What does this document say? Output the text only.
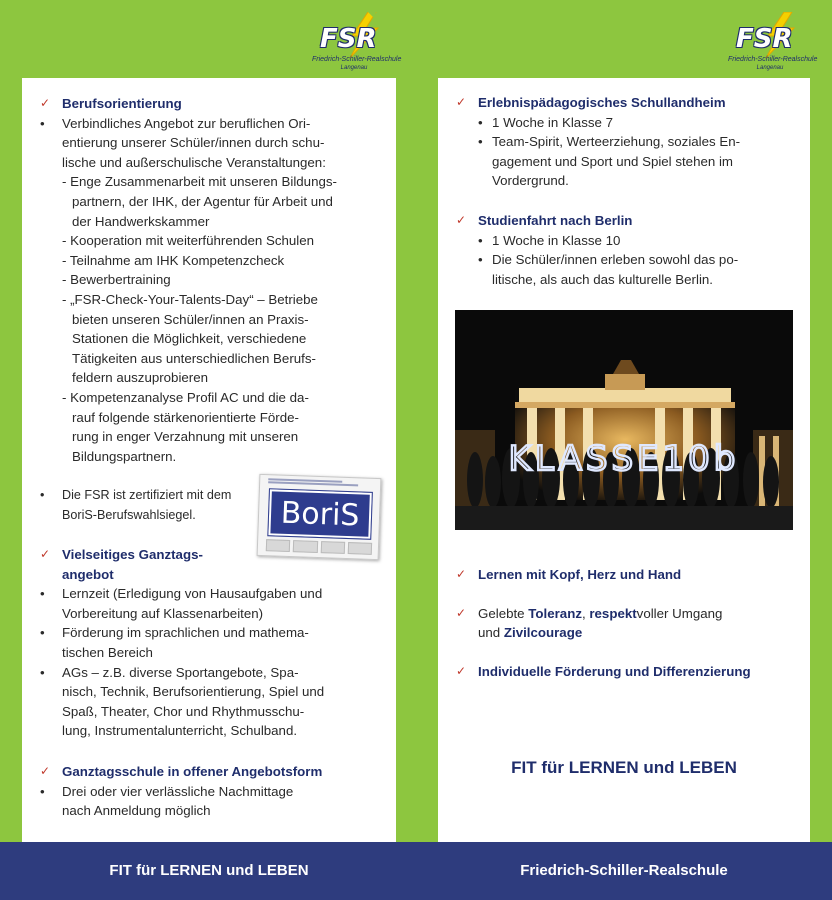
FSR
Friedrich-Schiller-Realschule
Langenau
FSR
Friedrich-Schiller-Realschule
Langenau
✓ Berufsorientierung
• Verbindliches Angebot zur beruflichen Ori-
entierung unserer Schüler/innen durch schu-
lische und außerschulische Veranstaltungen:
- Enge Zusammenarbeit mit unseren Bildungs-
partnern, der IHK, der Agentur für Arbeit und
der Handwerkskammer
- Kooperation mit weiterführenden Schulen
- Teilnahme am IHK Kompetenzcheck
- Bewerbertraining
- „FSR-Check-Your-Talents-Day“ – Betriebe
bieten unseren Schüler/innen an Praxis-
Stationen die Möglichkeit, verschiedene
Tätigkeiten aus unterschiedlichen Berufs-
feldern auszuprobieren
- Kompetenzanalyse Profil AC und die da-
rauf folgende stärkenorientierte Förde-
rung in enger Verzahnung mit unseren
Bildungspartnern.
• Die FSR ist zertifiziert mit dem
BoriS-Berufswahlsiegel.	BoriS
✓ Vielseitiges Ganztags-
angebot
• Lernzeit (Erledigung von Hausaufgaben und
Vorbereitung auf Klassenarbeiten)
• Förderung im sprachlichen und mathema-
tischen Bereich
• AGs – z.B. diverse Sportangebote, Spa-
nisch, Technik, Berufsorientierung, Spiel und
Spaß, Theater, Chor und Rhythmusschu-
lung, Instrumentalunterricht, Schulband.
✓ Ganztagsschule in offener Angebotsform
• Drei oder vier verlässliche Nachmittage
nach Anmeldung möglich
✓ Erlebnispädagogisches Schullandheim
• 1 Woche in Klasse 7
• Team-Spirit, Werteerziehung, soziales En-
gagement und Sport und Spiel stehen im
Vordergrund.
✓ Studienfahrt nach Berlin
• 1 Woche in Klasse 10
• Die Schüler/innen erleben sowohl das po-
litische, als auch das kulturelle Berlin.
✓ Lernen mit Kopf, Herz und Hand
✓ Gelebte Toleranz, respektvoller Umgang
und Zivilcourage
✓ Individuelle Förderung und Differenzierung
KLASSE10b
FIT für LERNEN und LEBEN
FIT für LERNEN und LEBEN	Friedrich-Schiller-Realschule
